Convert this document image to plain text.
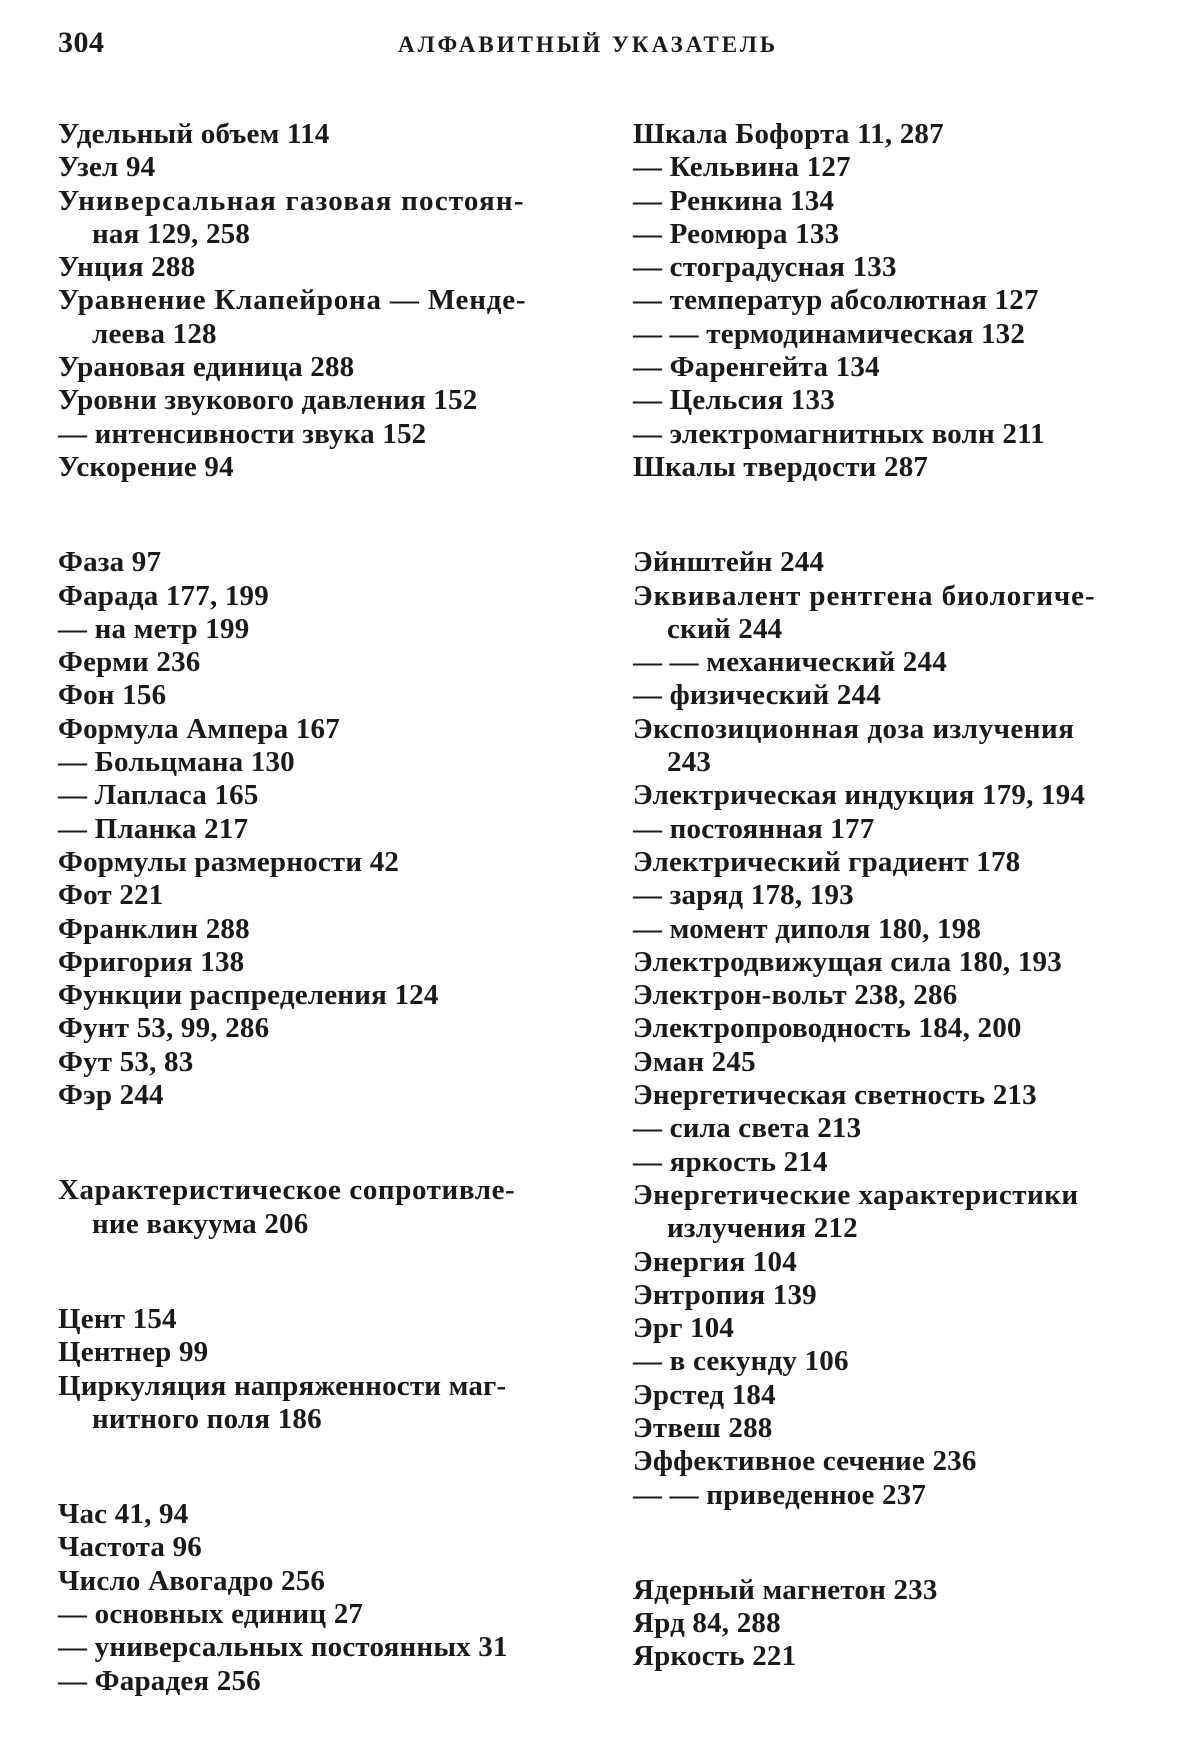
304	АЛФАВИТНЫЙ УКАЗАТЕЛЬ
Удельный объем 114
Узел 94
Универсальная газовая постоян-
ная 129, 258
Унция 288
Уравнение Клапейрона — Менде-
леева 128
Урановая единица 288
Уровни звукового давления 152
— интенсивности звука 152
Ускорение 94
Фаза 97
Фарада 177, 199
— на метр 199
Ферми 236
Фон 156
Формула Ампера 167
— Больцмана 130
— Лапласа 165
— Планка 217
Формулы размерности 42
Фот 221
Франклин 288
Фригория 138
Функции распределения 124
Фунт 53, 99, 286
Фут 53, 83
Фэр 244
Характеристическое сопротивле-
ние вакуума 206
Цент 154
Центнер 99
Циркуляция напряженности маг-
нитного поля 186
Час 41, 94
Частота 96
Число Авогадро 256
— основных единиц 27
— универсальных постоянных 31
— Фарадея 256
Шкала Бофорта 11, 287
— Кельвина 127
— Ренкина 134
— Реомюра 133
— стоградусная 133
— температур абсолютная 127
— — термодинамическая 132
— Фаренгейта 134
— Цельсия 133
— электромагнитных волн 211
Шкалы твердости 287
Эйнштейн 244
Эквивалент рентгена биологиче-
ский 244
— — механический 244
— физический 244
Экспозиционная доза излучения
243
Электрическая индукция 179, 194
— постоянная 177
Электрический градиент 178
— заряд 178, 193
— момент диполя 180, 198
Электродвижущая сила 180, 193
Электрон-вольт 238, 286
Электропроводность 184, 200
Эман 245
Энергетическая светность 213
— сила света 213
— яркость 214
Энергетические характеристики
излучения 212
Энергия 104
Энтропия 139
Эрг 104
— в секунду 106
Эрстед 184
Этвеш 288
Эффективное сечение 236
— — приведенное 237
Ядерный магнетон 233
Ярд 84, 288
Яркость 221
